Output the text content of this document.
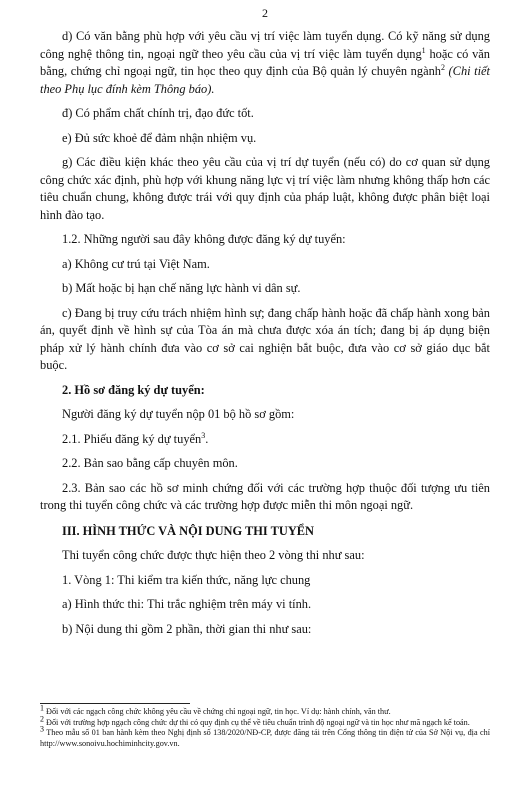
2

d) Có văn bằng phù hợp với yêu cầu vị trí việc làm tuyển dụng. Có kỹ năng sử dụng công nghệ thông tin, ngoại ngữ theo yêu cầu của vị trí việc làm tuyển dụng$^1$ hoặc có văn bằng, chứng chỉ ngoại ngữ, tin học theo quy định của Bộ quản lý chuyên ngành$^2$ (Chi tiết theo Phụ lục đính kèm Thông báo).

đ) Có phẩm chất chính trị, đạo đức tốt.

e) Đủ sức khoẻ để đảm nhận nhiệm vụ.

g) Các điều kiện khác theo yêu cầu của vị trí dự tuyển (nếu có) do cơ quan sử dụng công chức xác định, phù hợp với khung năng lực vị trí việc làm nhưng không thấp hơn các tiêu chuẩn chung, không được trái với quy định của pháp luật, không được phân biệt loại hình đào tạo.

1.2. Những người sau đây không được đăng ký dự tuyển:

a) Không cư trú tại Việt Nam.

b) Mất hoặc bị hạn chế năng lực hành vi dân sự.

c) Đang bị truy cứu trách nhiệm hình sự; đang chấp hành hoặc đã chấp hành xong bản án, quyết định về hình sự của Tòa án mà chưa được xóa án tích; đang bị áp dụng biện pháp xử lý hành chính đưa vào cơ sở cai nghiện bắt buộc, đưa vào cơ sở giáo dục bắt buộc.

2. Hồ sơ đăng ký dự tuyển:

Người đăng ký dự tuyển nộp 01 bộ hồ sơ gồm:

2.1. Phiếu đăng ký dự tuyển$^3$.

2.2. Bản sao bằng cấp chuyên môn.

2.3. Bản sao các hồ sơ minh chứng đối với các trường hợp thuộc đối tượng ưu tiên trong thi tuyển công chức và các trường hợp được miễn thi môn ngoại ngữ.

III. HÌNH THỨC VÀ NỘI DUNG THI TUYỂN

Thi tuyển công chức được thực hiện theo 2 vòng thi như sau:

1. Vòng 1: Thi kiểm tra kiến thức, năng lực chung

a) Hình thức thi: Thi trắc nghiệm trên máy vi tính.

b) Nội dung thi gồm 2 phần, thời gian thi như sau:

$^1$ Đối với các ngạch công chức không yêu cầu về chứng chỉ ngoại ngữ, tin học. Ví dụ: hành chính, văn thư.

$^2$ Đối với trường hợp ngạch công chức dự thi có quy định cụ thể về tiêu chuẩn trình độ ngoại ngữ và tin học như mã ngạch kế toán.

$^3$ Theo mẫu số 01 ban hành kèm theo Nghị định số 138/2020/NĐ-CP, được đăng tải trên Cổng thông tin điện tử của Sở Nội vụ, địa chỉ http://www.sonoivu.hochiminhcity.gov.vn.
